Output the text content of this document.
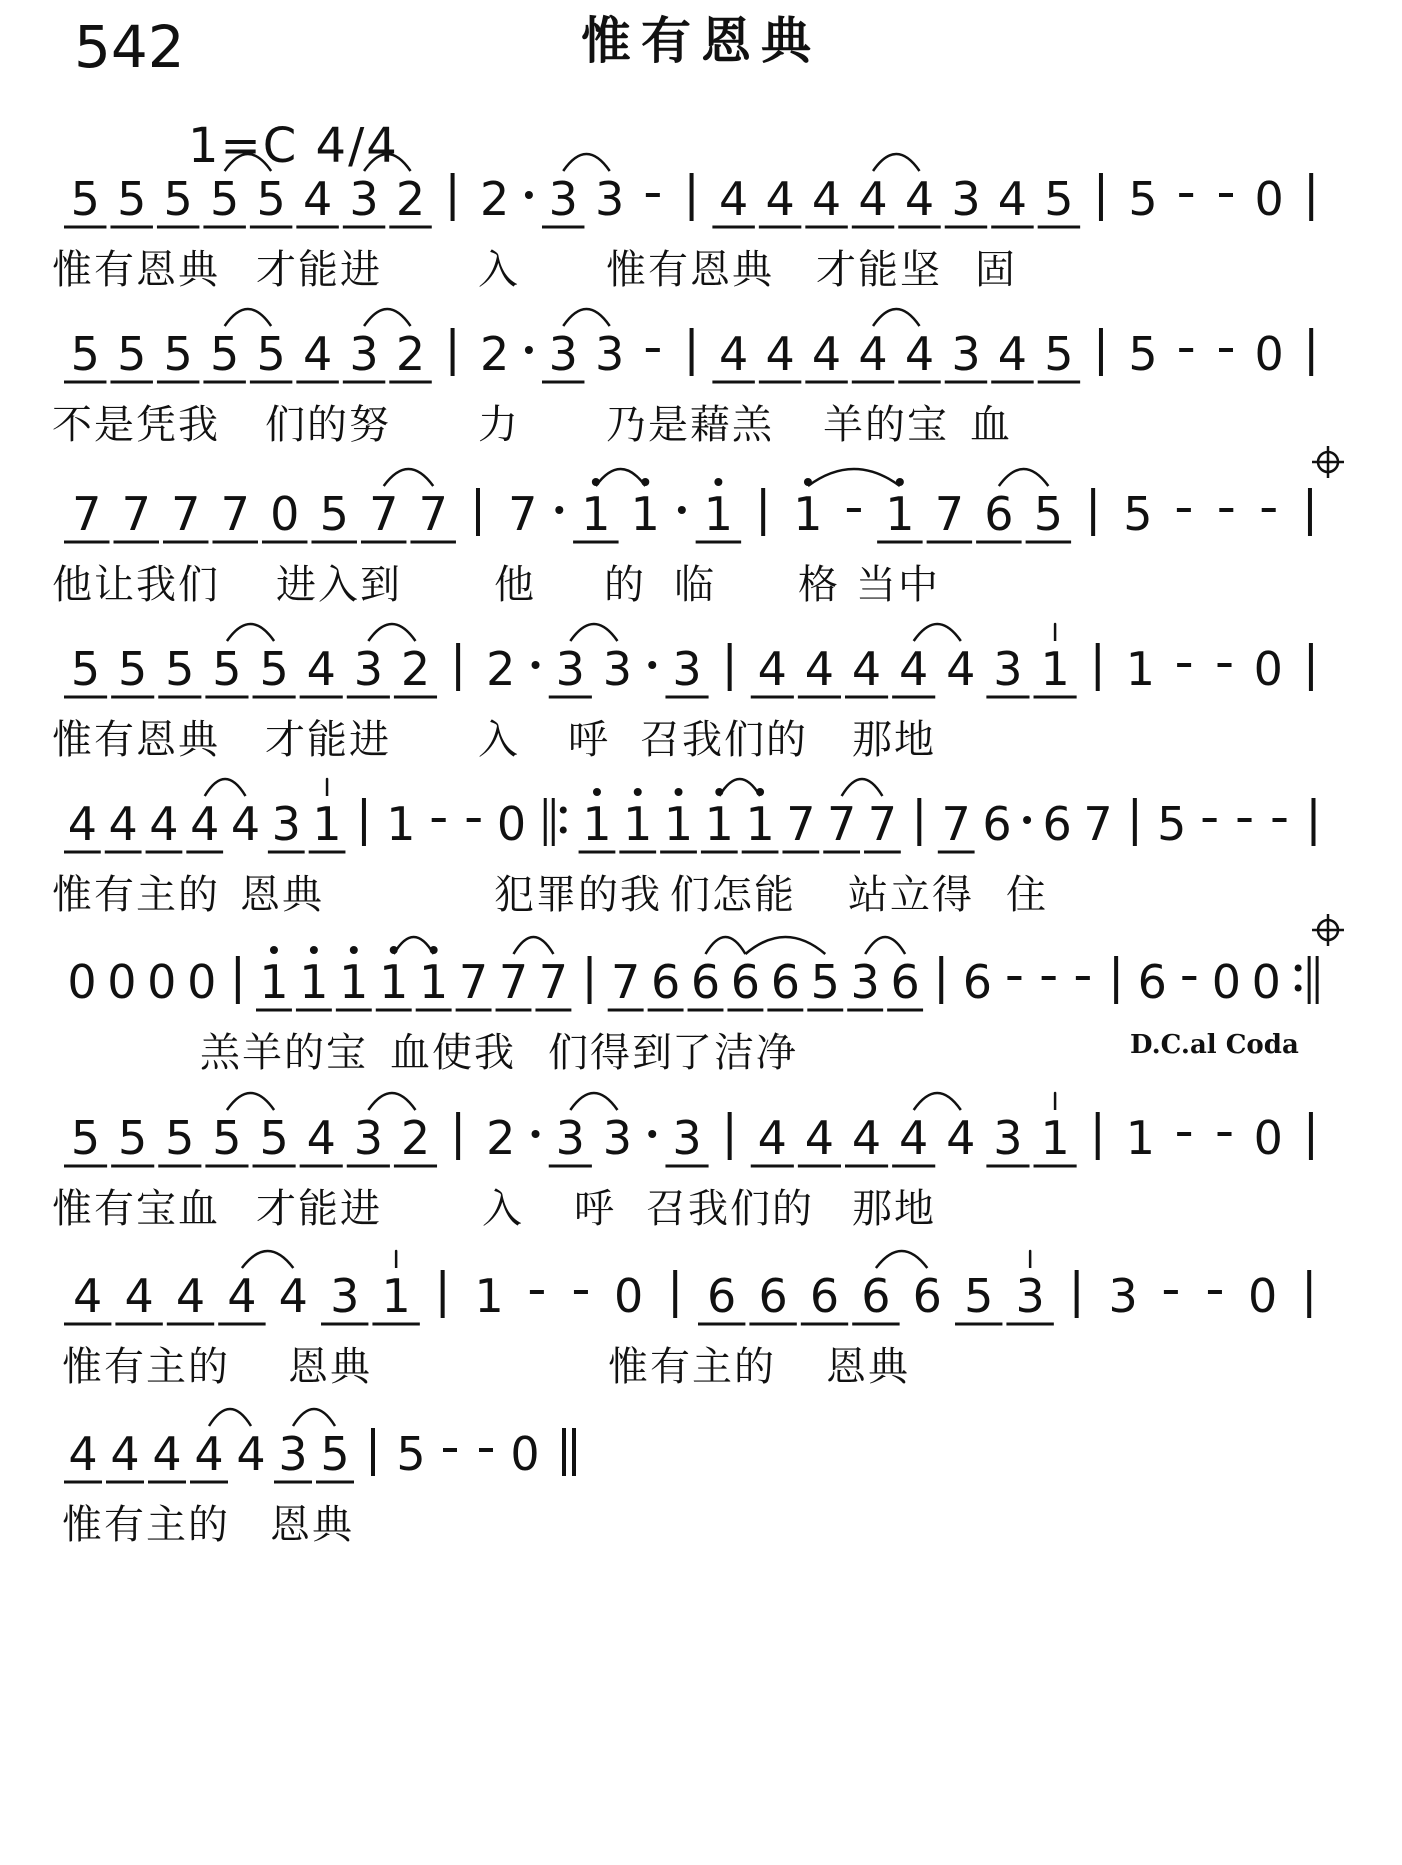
542	惟有恩典
1=C 4/4
5 5 5 5 5 4 3 2 2 3 3 4 4 4 4 4 3 4 5 5 0
惟有恩典 才能进 入 惟有恩典 才能坚 固
5 5 5 5 5 4 3 2 2 3 3 4 4 4 4 4 3 4 5 5 0
不是凭我 们的努 力 乃是藉羔 羊的宝 血
7 7 7 7 0 5 7 7 7 1 1 1 1 1 7 6 5 5
他让我们 进入到 他 的 临 格 当中
5 5 5 5 5 4 3 2 2 3 3 3 4 4 4 4 4 3 1 1 0
惟有恩典 才能进 入 呼 召我们的 那地
4 4 4 4 4 3 1 1 0 1 1 1 1 1 7 7 7 7 6 6 7 5
惟有主的 恩典	犯罪的我 们怎能 站立得 住
0 0 0 0 1 1 1 1 1 7 7 7 7 6 6 6 6 5 3 6 6	6 0 0
羔羊的宝 血使我 们得到
了洁净
5 5 5 5 5 4 3 2 2 3 3 3 4 4 4 4 4 3 1 1 0
惟有宝血 才能进	入 呼 召我们的 那地
4 4 4 4 4 3 1 1 0 6 6 6 6 6 5 3 3 0
惟有主的 恩典	惟有主的 恩典
4 4 4 4 4 3 5 5 0
惟有主的 恩典
D.C.al Coda
